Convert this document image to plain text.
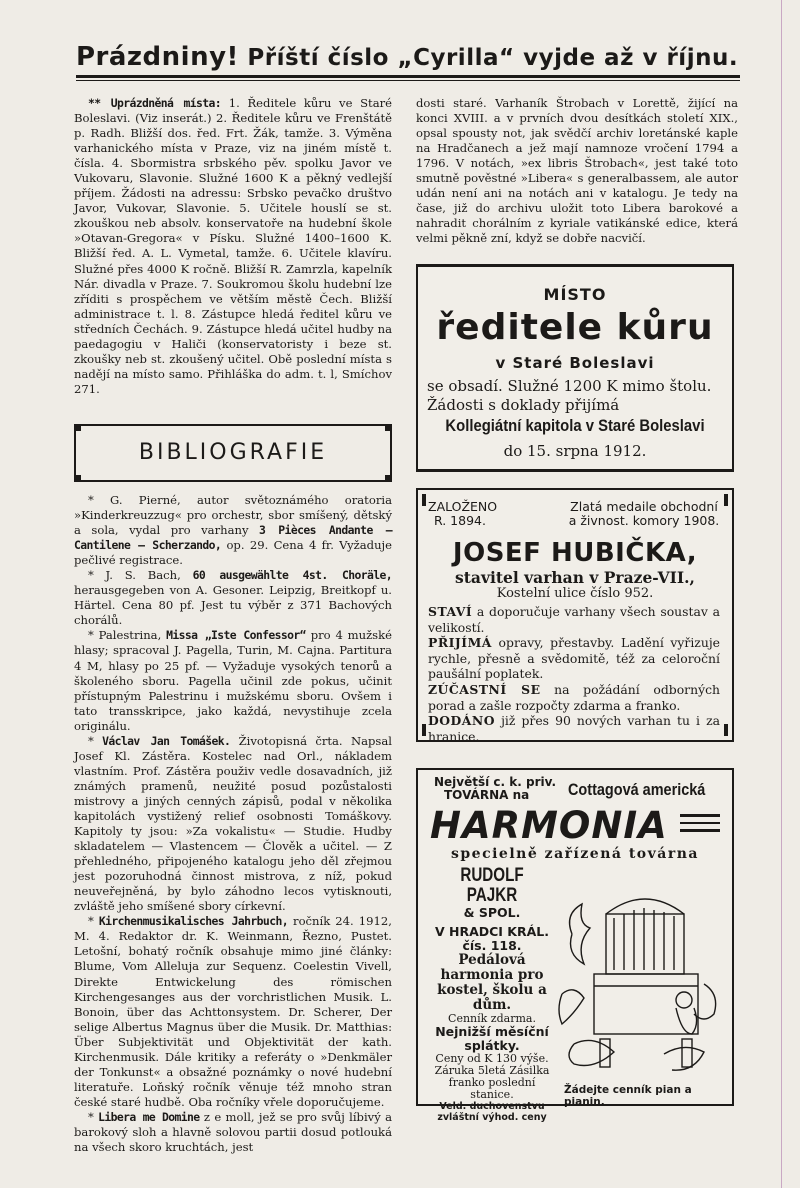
Prázdniny! Příští číslo „Cyrilla“ vyjde až v říjnu.

** Uprázdněná místa: 1. Ředitele kůru ve Staré Boleslavi. (Viz inserát.) 2. Ředitele kůru ve Frenštátě p. Radh. Bližší dos. řed. Frt. Žák, tamže. 3. Výměna varhanického místa v Praze, viz na jiném místě t. čísla. 4. Sbormistra srbského pěv. spolku Javor ve Vukovaru, Slavonie. Služné 1600 K a pěkný vedlejší příjem. Žádosti na adressu: Srbsko pevačko društvo Javor, Vukovar, Slavonie. 5. Učitele houslí se st. zkouškou neb absolv. konservatoře na hudební škole »Otavan-Gregora« v Písku. Služné 1400–1600 K. Bližší řed. A. L. Vymetal, tamže. 6. Učitele klavíru. Služné přes 4000 K ročně. Bližší R. Zamrzla, kapelník Nár. divadla v Praze. 7. Soukromou školu hudební lze zříditi s prospěchem ve větším městě Čech. Bližší administrace t. l. 8. Zástupce hledá ředitel kůru ve středních Čechách. 9. Zástupce hledá učitel hudby na paedagogiu v Haliči (konservatoristy i beze st. zkoušky neb st. zkoušený učitel. Obě poslední místa s nadějí na místo samo. Přihláška do adm. t. l, Smíchov 271.

BIBLIOGRAFIE

* G. Pierné, autor světoznámého oratoria »Kinderkreuzzug« pro orchestr, sbor smíšený, dětský a sola, vydal pro varhany 3 Pièces Andante — Cantilene — Scherzando, op. 29. Cena 4 fr. Vyžaduje pečlivé registrace.

* J. S. Bach, 60 ausgewählte 4st. Choräle, herausgegeben von A. Gesoner. Leipzig, Breitkopf u. Härtel. Cena 80 pf. Jest tu výběr z 371 Bachových chorálů.

* Palestrina, Missa „Iste Confessor“ pro 4 mužské hlasy; spracoval J. Pagella, Turin, M. Cajna. Partitura 4 M, hlasy po 25 pf. — Vyžaduje vysokých tenorů a školeného sboru. Pagella učinil zde pokus, učinit přístupným Palestrinu i mužskému sboru. Ovšem i tato transskripce, jako každá, nevystihuje zcela originálu.

* Václav Jan Tomášek. Životopisná črta. Napsal Josef Kl. Zástěra. Kostelec nad Orl., nákladem vlastním. Prof. Zástěra použiv vedle dosavadních, již známých pramenů, neužité posud pozůstalosti mistrovy a jiných cenných zápisů, podal v několika kapitolách vystižený relief osobnosti Tomáškovy. Kapitoly ty jsou: »Za vokalistu« — Studie. Hudby skladatelem — Vlastencem — Člověk a učitel. — Z přehledného, připojeného katalogu jeho děl zřejmou jest pozoruhodná činnost mistrova, z níž, pokud neuveřejněná, by bylo záhodno lecos vytisknouti, zvláště jeho smíšené sbory církevní.

* Kirchenmusikalisches Jahrbuch, ročník 24. 1912, M. 4. Redaktor dr. K. Weinmann, Řezno, Pustet. Letošní, bohatý ročník obsahuje mimo jiné články: Blume, Vom Alleluja zur Sequenz. Coelestin Vivell, Direkte Entwickelung des römischen Kirchengesanges aus der vorchristlichen Musik. L. Bonoin, über das Achttonsystem. Dr. Scherer, Der selige Albertus Magnus über die Musik. Dr. Matthias: Über Subjektivität und Objektivität der kath. Kirchenmusik. Dále kritiky a referáty o »Denkmäler der Tonkunst« a obsažné poznámky o nové hudební literatuře. Loňský ročník věnuje též mnoho stran české staré hudbě. Oba ročníky vřele doporučujeme.

* Libera me Domine z e moll, jež se pro svůj líbivý a barokový sloh a hlavně solovou partii dosud potlouká na všech skoro kruchtách, jest

dosti staré. Varhaník Štrobach v Lorettě, žijící na konci XVIII. a v prvních dvou desítkách století XIX., opsal spousty not, jak svědčí archiv loretánské kaple na Hradčanech a jež mají namnoze vročení 1794 a 1796. V notách, »ex libris Štrobach«, jest také toto smutně pověstné »Libera« s generalbassem, ale autor udán není ani na notách ani v katalogu. Je tedy na čase, již do archivu uložit toto Libera barokové a nahradit chorálním z kyriale vatikánské edice, která velmi pěkně zní, když se dobře nacvičí.

MÍSTO
ředitele kůru
v Staré Boleslavi
se obsadí. Služné 1200 K mimo štolu.
Žádosti s doklady přijímá
Kollegiátní kapitola v Staré Boleslavi
do 15. srpna 1912.
ZALOŽENO
R. 1894.
Zlatá medaile obchodní
a živnost. komory 1908.
JOSEF HUBIČKA,
stavitel varhan v Praze-VII.,
Kostelní ulice číslo 952.
STAVÍ a doporučuje varhany všech soustav a velikostí.
PŘIJÍMÁ opravy, přestavby. Ladění vyřizuje rychle, přesně a svědomitě, též za celoroční paušální poplatek.
ZÚČASTNÍ SE na požádání odborných porad a zašle rozpočty zdarma a franko.
DODÁNO již přes 90 nových varhan tu i za hranice.
Největší c. k. priv.
TOVÁRNA na	Cottagová americká
HARMONIA
specielně zařízená továrna
RUDOLF PAJKR
& SPOL.
V HRADCI KRÁL.
čís. 118.
Pedálová harmonia pro kostel, školu a dům.
Cenník zdarma.
Nejnižší měsíční splátky.
Ceny od K 130 výše. Záruka 5letá Zásilka franko poslední stanice.
Veld. duchovenstvu zvláštní výhod. ceny
Žádejte cenník pian a pianin.
